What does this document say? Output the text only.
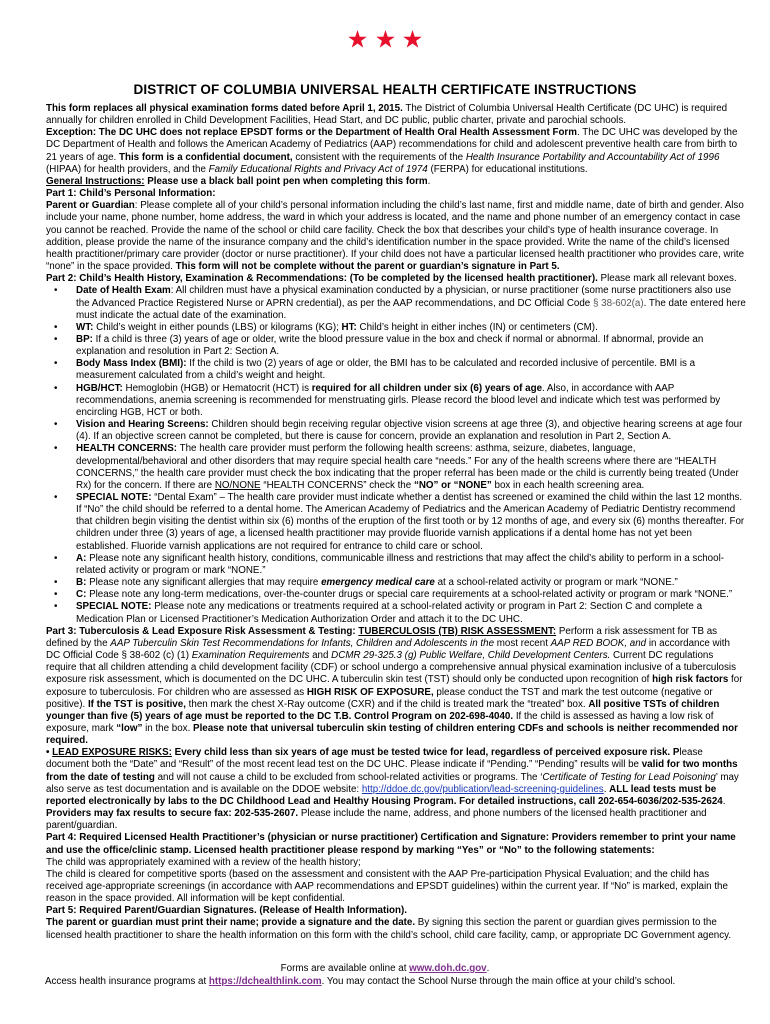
DISTRICT OF COLUMBIA UNIVERSAL HEALTH CERTIFICATE INSTRUCTIONS

This form replaces all physical examination forms dated before April 1, 2015. The District of Columbia Universal Health Certificate (DC UHC) is required annually for children enrolled in Child Development Facilities, Head Start, and DC public, public charter, private and parochial schools.

Exception: The DC UHC does not replace EPSDT forms or the Department of Health Oral Health Assessment Form. The DC UHC was developed by the DC Department of Health and follows the American Academy of Pediatrics (AAP) recommendations for child and adolescent preventive health care from birth to 21 years of age. This form is a confidential document, consistent with the requirements of the Health Insurance Portability and Accountability Act of 1996 (HIPAA) for health providers, and the Family Educational Rights and Privacy Act of 1974 (FERPA) for educational institutions.

General Instructions: Please use a black ball point pen when completing this form.

Part 1: Child’s Personal Information:

Parent or Guardian: Please complete all of your child’s personal information including the child’s last name, first and middle name, date of birth and gender. Also include your name, phone number, home address, the ward in which your address is located, and the name and phone number of an emergency contact in case you cannot be reached. Provide the name of the school or child care facility. Check the box that describes your child’s type of health insurance coverage. In addition, please provide the name of the insurance company and the child’s identification number in the space provided. Write the name of the child’s licensed health practitioner/primary care provider (doctor or nurse practitioner). If your child does not have a particular licensed health practitioner who provides care, write “none” in the space provided. This form will not be complete without the parent or guardian’s signature in Part 5.

Part 2: Child’s Health History, Examination & Recommendations: (To be completed by the licensed health practitioner). Please mark all relevant boxes.

• Date of Health Exam: All children must have a physical examination conducted by a physician, or nurse practitioner (some nurse practitioners also use the Advanced Practice Registered Nurse or APRN credential), as per the AAP recommendations, and DC Official Code § 38-602(a). The date entered here must indicate the actual date of the examination.
• WT: Child’s weight in either pounds (LBS) or kilograms (KG); HT: Child’s height in either inches (IN) or centimeters (CM).
• BP: If a child is three (3) years of age or older, write the blood pressure value in the box and check if normal or abnormal. If abnormal, provide an explanation and resolution in Part 2: Section A.
• Body Mass Index (BMI): If the child is two (2) years of age or older, the BMI has to be calculated and recorded inclusive of percentile. BMI is a measurement calculated from a child’s weight and height.
• HGB/HCT: Hemoglobin (HGB) or Hematocrit (HCT) is required for all children under six (6) years of age. Also, in accordance with AAP recommendations, anemia screening is recommended for menstruating girls. Please record the blood level and indicate which test was performed by encircling HGB, HCT or both.
• Vision and Hearing Screens: Children should begin receiving regular objective vision screens at age three (3), and objective hearing screens at age four (4). If an objective screen cannot be completed, but there is cause for concern, provide an explanation and resolution in Part 2, Section A.
• HEALTH CONCERNS: The health care provider must perform the following health screens: asthma, seizure, diabetes, language, developmental/behavioral and other disorders that may require special health care “needs.” For any of the health screens where there are “HEALTH CONCERNS,” the health care provider must check the box indicating that the proper referral has been made or the child is currently being treated (Under Rx) for the concern. If there are NO/NONE “HEALTH CONCERNS” check the “NO” or “NONE” box in each health screening area.
• SPECIAL NOTE: “Dental Exam” – The health care provider must indicate whether a dentist has screened or examined the child within the last 12 months. If “No” the child should be referred to a dental home. The American Academy of Pediatrics and the American Academy of Pediatric Dentistry recommend that children begin visiting the dentist within six (6) months of the eruption of the first tooth or by 12 months of age, and every six (6) months thereafter. For children under three (3) years of age, a licensed health practitioner may provide fluoride varnish applications if a dental home has not yet been established. Fluoride varnish applications are not required for entrance to child care or school.
• A: Please note any significant health history, conditions, communicable illness and restrictions that may affect the child’s ability to perform in a school-related activity or program or mark “NONE.”
• B: Please note any significant allergies that may require emergency medical care at a school-related activity or program or mark “NONE.”
• C: Please note any long-term medications, over-the-counter drugs or special care requirements at a school-related activity or program or mark “NONE.”
• SPECIAL NOTE: Please note any medications or treatments required at a school-related activity or program in Part 2: Section C and complete a Medication Plan or Licensed Practitioner’s Medication Authorization Order and attach it to the DC UHC.

Part 3: Tuberculosis & Lead Exposure Risk Assessment & Testing: TUBERCULOSIS (TB) RISK ASSESSMENT: Perform a risk assessment for TB as defined by the AAP Tuberculin Skin Test Recommendations for Infants, Children and Adolescents in the most recent AAP RED BOOK, and in accordance with DC Official Code § 38-602 (c) (1) Examination Requirements and DCMR 29-325.3 (g) Public Welfare, Child Development Centers. Current DC regulations require that all children attending a child development facility (CDF) or school undergo a comprehensive annual physical examination inclusive of a tuberculosis exposure risk assessment, which is documented on the DC UHC. A tuberculin skin test (TST) should only be conducted upon recognition of high risk factors for exposure to tuberculosis. For children who are assessed as HIGH RISK OF EXPOSURE, please conduct the TST and mark the test outcome (negative or positive). If the TST is positive, then mark the chest X-Ray outcome (CXR) and if the child is treated mark the “treated” box. All positive TSTs of children younger than five (5) years of age must be reported to the DC T.B. Control Program on 202-698-4040. If the child is assessed as having a low risk of exposure, mark “low” in the box. Please note that universal tuberculin skin testing of children entering CDFs and schools is neither recommended nor required.

• LEAD EXPOSURE RISKS: Every child less than six years of age must be tested twice for lead, regardless of perceived exposure risk. Please document both the “Date” and “Result” of the most recent lead test on the DC UHC. Please indicate if “Pending.” “Pending” results will be valid for two months from the date of testing and will not cause a child to be excluded from school-related activities or programs. The ‘Certificate of Testing for Lead Poisoning’ may also serve as test documentation and is available on the DDOE website: http://ddoe.dc.gov/publication/lead-screening-guidelines. ALL lead tests must be reported electronically by labs to the DC Childhood Lead and Healthy Housing Program. For detailed instructions, call 202-654-6036/202-535-2624. Providers may fax results to secure fax: 202-535-2607. Please include the name, address, and phone numbers of the licensed health practitioner and parent/guardian.

Part 4: Required Licensed Health Practitioner’s (physician or nurse practitioner) Certification and Signature: Providers remember to print your name and use the office/clinic stamp. Licensed health practitioner please respond by marking “Yes” or “No” to the following statements:

The child was appropriately examined with a review of the health history;

The child is cleared for competitive sports (based on the assessment and consistent with the AAP Pre-participation Physical Evaluation; and the child has received age-appropriate screenings (in accordance with AAP recommendations and EPSDT guidelines) within the current year. If “No” is marked, explain the reason in the space provided. All information will be kept confidential.

Part 5: Required Parent/Guardian Signatures. (Release of Health Information).

The parent or guardian must print their name; provide a signature and the date. By signing this section the parent or guardian gives permission to the licensed health practitioner to share the health information on this form with the child’s school, child care facility, camp, or appropriate DC Government agency.

Forms are available online at www.doh.dc.gov.
Access health insurance programs at https://dchealthlink.com. You may contact the School Nurse through the main office at your child’s school.
